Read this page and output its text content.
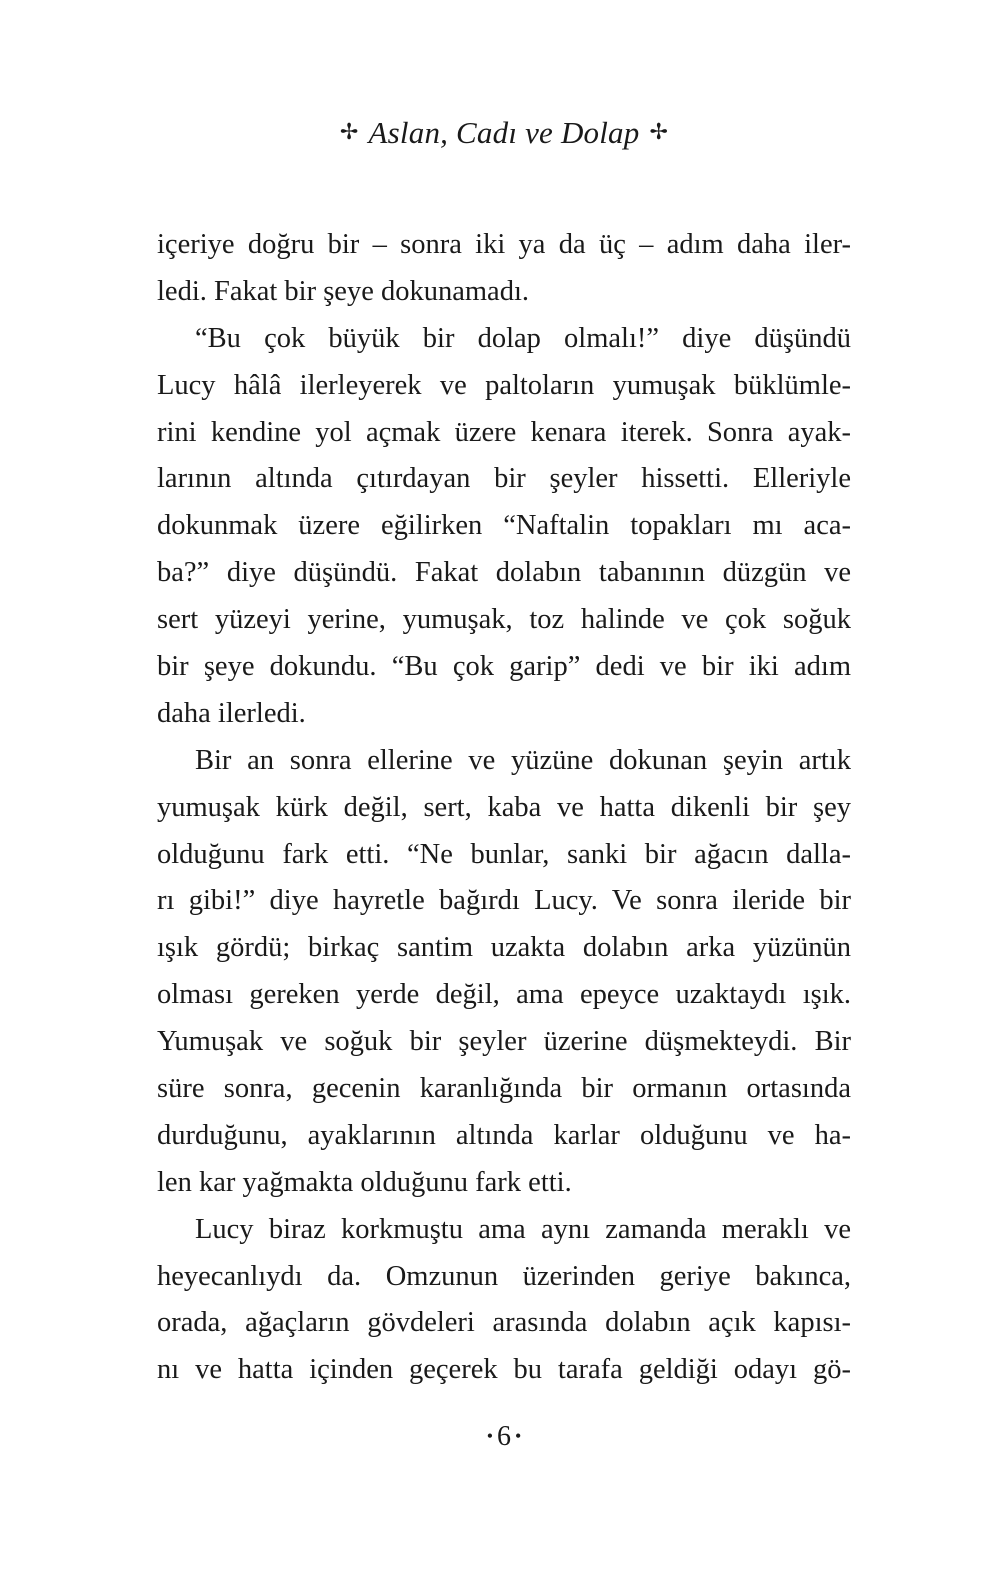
✢ Aslan, Cadı ve Dolap ✢
içeriye doğru bir – sonra iki ya da üç – adım daha iler-
ledi. Fakat bir şeye dokunamadı.
“Bu çok büyük bir dolap olmalı!” diye düşündü
Lucy hâlâ ilerleyerek ve paltoların yumuşak büklümle-
rini kendine yol açmak üzere kenara iterek. Sonra ayak-
larının altında çıtırdayan bir şeyler hissetti. Elleriyle
dokunmak üzere eğilirken “Naftalin topakları mı aca-
ba?” diye düşündü. Fakat dolabın tabanının düzgün ve
sert yüzeyi yerine, yumuşak, toz halinde ve çok soğuk
bir şeye dokundu. “Bu çok garip” dedi ve bir iki adım
daha ilerledi.
Bir an sonra ellerine ve yüzüne dokunan şeyin artık
yumuşak kürk değil, sert, kaba ve hatta dikenli bir şey
olduğunu fark etti. “Ne bunlar, sanki bir ağacın dalla-
rı gibi!” diye hayretle bağırdı Lucy. Ve sonra ileride bir
ışık gördü; birkaç santim uzakta dolabın arka yüzünün
olması gereken yerde değil, ama epeyce uzaktaydı ışık.
Yumuşak ve soğuk bir şeyler üzerine düşmekteydi. Bir
süre sonra, gecenin karanlığında bir ormanın ortasında
durduğunu, ayaklarının altında karlar olduğunu ve ha-
len kar yağmakta olduğunu fark etti.
Lucy biraz korkmuştu ama aynı zamanda meraklı ve
heyecanlıydı da. Omzunun üzerinden geriye bakınca,
orada, ağaçların gövdeleri arasında dolabın açık kapısı-
nı ve hatta içinden geçerek bu tarafa geldiği odayı gö-
• 6 •
